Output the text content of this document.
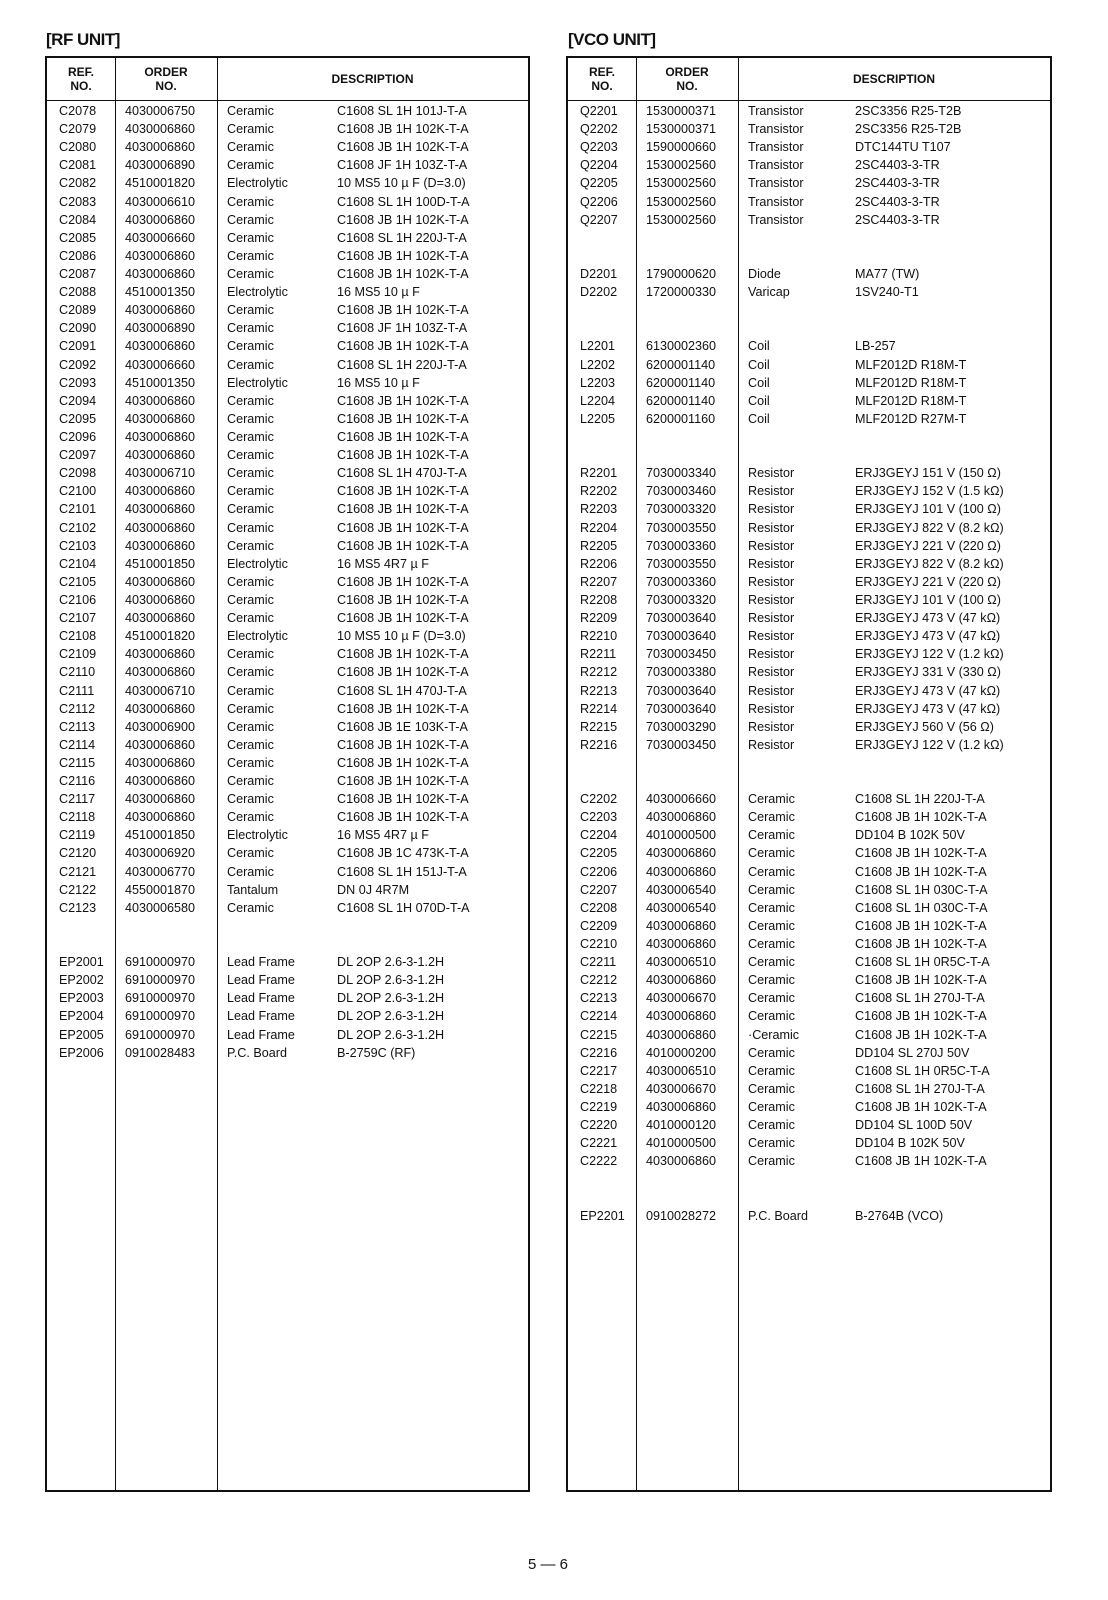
[RF UNIT]
REF.
NO.
ORDER
NO.	DESCRIPTION
C2078 4030006750	Ceramic	C1608 SL 1H 101J-T-A
C2079 4030006860	Ceramic	C1608 JB 1H 102K-T-A
C2080 4030006860	Ceramic	C1608 JB 1H 102K-T-A
C2081 4030006890	Ceramic	C1608 JF 1H 103Z-T-A
C2082 4510001820	Electrolytic	10 MS5 10 µ F (D=3.0)
C2083 4030006610	Ceramic	C1608 SL 1H 100D-T-A
C2084 4030006860	Ceramic	C1608 JB 1H 102K-T-A
C2085 4030006660	Ceramic	C1608 SL 1H 220J-T-A
C2086 4030006860	Ceramic	C1608 JB 1H 102K-T-A
C2087 4030006860	Ceramic	C1608 JB 1H 102K-T-A
C2088 4510001350	Electrolytic	16 MS5 10 µ F
C2089 4030006860	Ceramic	C1608 JB 1H 102K-T-A
C2090 4030006890	Ceramic	C1608 JF 1H 103Z-T-A
C2091 4030006860	Ceramic	C1608 JB 1H 102K-T-A
C2092 4030006660	Ceramic	C1608 SL 1H 220J-T-A
C2093 4510001350	Electrolytic	16 MS5 10 µ F
C2094 4030006860	Ceramic	C1608 JB 1H 102K-T-A
C2095 4030006860	Ceramic	C1608 JB 1H 102K-T-A
C2096 4030006860	Ceramic	C1608 JB 1H 102K-T-A
C2097 4030006860	Ceramic	C1608 JB 1H 102K-T-A
C2098 4030006710	Ceramic	C1608 SL 1H 470J-T-A
C2100 4030006860	Ceramic	C1608 JB 1H 102K-T-A
C2101 4030006860	Ceramic	C1608 JB 1H 102K-T-A
C2102 4030006860	Ceramic	C1608 JB 1H 102K-T-A
C2103 4030006860	Ceramic	C1608 JB 1H 102K-T-A
C2104 4510001850	Electrolytic	16 MS5 4R7 µ F
C2105 4030006860	Ceramic	C1608 JB 1H 102K-T-A
C2106 4030006860	Ceramic	C1608 JB 1H 102K-T-A
C2107 4030006860	Ceramic	C1608 JB 1H 102K-T-A
C2108 4510001820	Electrolytic	10 MS5 10 µ F (D=3.0)
C2109 4030006860	Ceramic	C1608 JB 1H 102K-T-A
C2110 4030006860	Ceramic	C1608 JB 1H 102K-T-A
C2111 4030006710	Ceramic	C1608 SL 1H 470J-T-A
C2112 4030006860	Ceramic	C1608 JB 1H 102K-T-A
C2113 4030006900	Ceramic	C1608 JB 1E 103K-T-A
C2114 4030006860	Ceramic	C1608 JB 1H 102K-T-A
C2115 4030006860	Ceramic	C1608 JB 1H 102K-T-A
C2116 4030006860	Ceramic	C1608 JB 1H 102K-T-A
C2117 4030006860	Ceramic	C1608 JB 1H 102K-T-A
C2118 4030006860	Ceramic	C1608 JB 1H 102K-T-A
C2119 4510001850	Electrolytic	16 MS5 4R7 µ F
C2120 4030006920	Ceramic	C1608 JB 1C 473K-T-A
C2121 4030006770	Ceramic	C1608 SL 1H 151J-T-A
C2122 4550001870	Tantalum	DN 0J 4R7M
C2123 4030006580	Ceramic	C1608 SL 1H 070D-T-A
EP2001 6910000970	Lead Frame	DL 2OP 2.6-3-1.2H
EP2002 6910000970	Lead Frame	DL 2OP 2.6-3-1.2H
EP2003 6910000970	Lead Frame	DL 2OP 2.6-3-1.2H
EP2004 6910000970	Lead Frame	DL 2OP 2.6-3-1.2H
EP2005 6910000970	Lead Frame	DL 2OP 2.6-3-1.2H
EP2006 0910028483	P.C. Board	B-2759C (RF)
[VCO UNIT]
REF.
NO.
ORDER
NO.	DESCRIPTION
Q2201 1530000371	Transistor	2SC3356 R25-T2B
Q2202 1530000371	Transistor	2SC3356 R25-T2B
Q2203 1590000660	Transistor	DTC144TU T107
Q2204 1530002560	Transistor	2SC4403-3-TR
Q2205 1530002560	Transistor	2SC4403-3-TR
Q2206 1530002560	Transistor	2SC4403-3-TR
Q2207 1530002560	Transistor	2SC4403-3-TR
D2201 1790000620	Diode	MA77 (TW)
D2202 1720000330	Varicap	1SV240-T1
L2201 6130002360	Coil	LB-257
L2202 6200001140	Coil	MLF2012D R18M-T
L2203 6200001140	Coil	MLF2012D R18M-T
L2204 6200001140	Coil	MLF2012D R18M-T
L2205 6200001160	Coil	MLF2012D R27M-T
R2201 7030003340	Resistor	ERJ3GEYJ 151 V (150 Ω)
R2202 7030003460	Resistor	ERJ3GEYJ 152 V (1.5 kΩ)
R2203 7030003320	Resistor	ERJ3GEYJ 101 V (100 Ω)
R2204 7030003550	Resistor	ERJ3GEYJ 822 V (8.2 kΩ)
R2205 7030003360	Resistor	ERJ3GEYJ 221 V (220 Ω)
R2206 7030003550	Resistor	ERJ3GEYJ 822 V (8.2 kΩ)
R2207 7030003360	Resistor	ERJ3GEYJ 221 V (220 Ω)
R2208 7030003320	Resistor	ERJ3GEYJ 101 V (100 Ω)
R2209 7030003640	Resistor	ERJ3GEYJ 473 V (47 kΩ)
R2210 7030003640	Resistor	ERJ3GEYJ 473 V (47 kΩ)
R2211 7030003450	Resistor	ERJ3GEYJ 122 V (1.2 kΩ)
R2212 7030003380	Resistor	ERJ3GEYJ 331 V (330 Ω)
R2213 7030003640	Resistor	ERJ3GEYJ 473 V (47 kΩ)
R2214 7030003640	Resistor	ERJ3GEYJ 473 V (47 kΩ)
R2215 7030003290	Resistor	ERJ3GEYJ 560 V (56 Ω)
R2216 7030003450	Resistor	ERJ3GEYJ 122 V (1.2 kΩ)
C2202 4030006660	Ceramic	C1608 SL 1H 220J-T-A
C2203 4030006860	Ceramic	C1608 JB 1H 102K-T-A
C2204 4010000500	Ceramic	DD104 B 102K 50V
C2205 4030006860	Ceramic	C1608 JB 1H 102K-T-A
C2206 4030006860	Ceramic	C1608 JB 1H 102K-T-A
C2207 4030006540	Ceramic	C1608 SL 1H 030C-T-A
C2208 4030006540	Ceramic	C1608 SL 1H 030C-T-A
C2209 4030006860	Ceramic	C1608 JB 1H 102K-T-A
C2210 4030006860	Ceramic	C1608 JB 1H 102K-T-A
C2211 4030006510	Ceramic	C1608 SL 1H 0R5C-T-A
C2212 4030006860	Ceramic	C1608 JB 1H 102K-T-A
C2213 4030006670	Ceramic	C1608 SL 1H 270J-T-A
C2214 4030006860	Ceramic	C1608 JB 1H 102K-T-A
C2215 4030006860	·Ceramic	C1608 JB 1H 102K-T-A
C2216 4010000200	Ceramic	DD104 SL 270J 50V
C2217 4030006510	Ceramic	C1608 SL 1H 0R5C-T-A
C2218 4030006670	Ceramic	C1608 SL 1H 270J-T-A
C2219 4030006860	Ceramic	C1608 JB 1H 102K-T-A
C2220 4010000120	Ceramic	DD104 SL 100D 50V
C2221 4010000500	Ceramic	DD104 B 102K 50V
C2222 4030006860	Ceramic	C1608 JB 1H 102K-T-A
EP2201 0910028272	P.C. Board	B-2764B (VCO)
5 — 6
